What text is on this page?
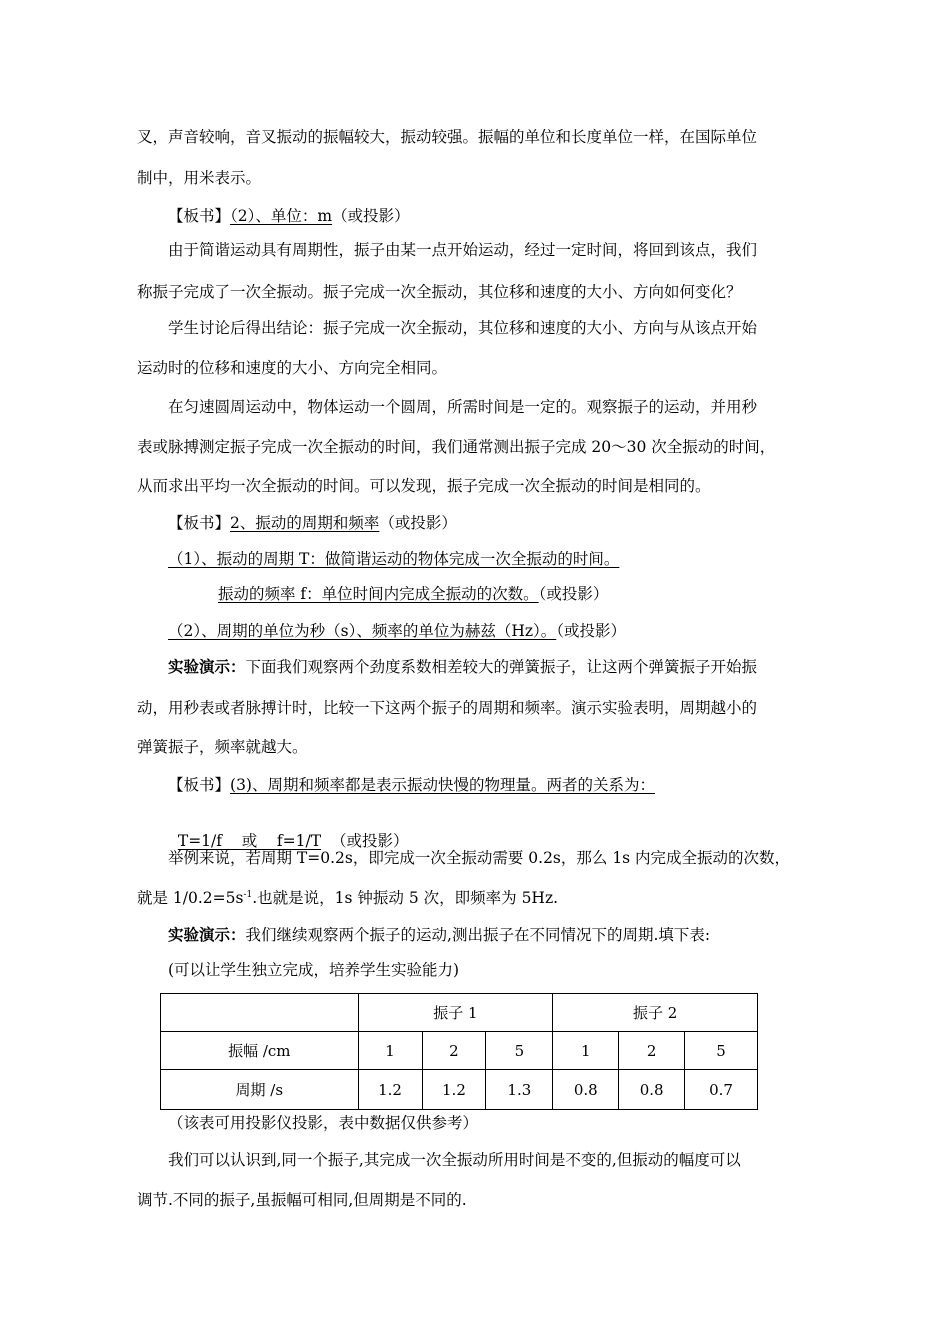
叉，声音较响，音叉振动的振幅较大，振动较强。振幅的单位和长度单位一样，在国际单位
制中，用米表示。
【板书】（2）、单位：m（或投影）
由于简谐运动具有周期性，振子由某一点开始运动，经过一定时间，将回到该点，我们
称振子完成了一次全振动。振子完成一次全振动，其位移和速度的大小、方向如何变化？
学生讨论后得出结论：振子完成一次全振动，其位移和速度的大小、方向与从该点开始
运动时的位移和速度的大小、方向完全相同。
在匀速圆周运动中，物体运动一个圆周，所需时间是一定的。观察振子的运动，并用秒
表或脉搏测定振子完成一次全振动的时间，我们通常测出振子完成 20～30 次全振动的时间，
从而求出平均一次全振动的时间。可以发现，振子完成一次全振动的时间是相同的。
【板书】2、振动的周期和频率（或投影）
（1）、振动的周期 T：做简谐运动的物体完成一次全振动的时间。
振动的频率 f：单位时间内完成全振动的次数。（或投影）
（2）、周期的单位为秒（s）、频率的单位为赫兹（Hz）。（或投影）
实验演示：下面我们观察两个劲度系数相差较大的弹簧振子，让这两个弹簧振子开始振
动，用秒表或者脉搏计时，比较一下这两个振子的周期和频率。演示实验表明，周期越小的
弹簧振子，频率就越大。
【板书】(3)、周期和频率都是表示振动快慢的物理量。两者的关系为：

T=1/f    或    f=1/T （或投影）

举例来说，若周期 T=0.2s，即完成一次全振动需要 0.2s，那么 1s 内完成全振动的次数，
就是 $1/0.2=5s^{-1}$.也就是说，1s 钟振动 5 次，即频率为 5Hz.
实验演示：我们继续观察两个振子的运动,测出振子在不同情况下的周期.填下表:
(可以让学生独立完成，培养学生实验能力)
	振子 1			振子 2		
振幅 /cm	1	2	5	1	2	5
周期 /s	1.2	1.2	1.3	0.8	0.8	0.7
（该表可用投影仪投影，表中数据仅供参考）
我们可以认识到,同一个振子,其完成一次全振动所用时间是不变的,但振动的幅度可以
调节.不同的振子,虽振幅可相同,但周期是不同的.
